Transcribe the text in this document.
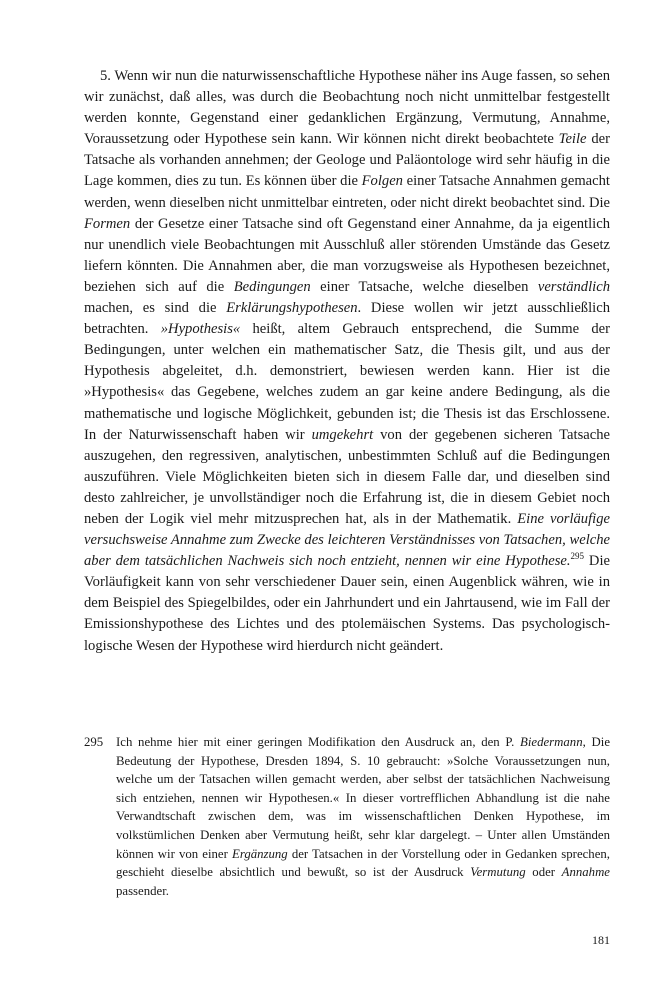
5. Wenn wir nun die naturwissenschaftliche Hypothese näher ins Auge fassen, so sehen wir zunächst, daß alles, was durch die Beobachtung noch nicht unmittelbar festgestellt werden konnte, Gegenstand einer gedanklichen Ergänzung, Vermutung, Annahme, Voraussetzung oder Hypothese sein kann. Wir können nicht direkt beobachtete Teile der Tatsache als vorhanden annehmen; der Geologe und Paläontologe wird sehr häufig in die Lage kommen, dies zu tun. Es können über die Folgen einer Tatsache Annahmen gemacht werden, wenn dieselben nicht unmittelbar eintreten, oder nicht direkt beobachtet sind. Die Formen der Gesetze einer Tatsache sind oft Gegenstand einer Annahme, da ja eigentlich nur unendlich viele Beobachtungen mit Ausschluß aller störenden Umstände das Gesetz liefern könnten. Die Annahmen aber, die man vorzugsweise als Hypothesen bezeichnet, beziehen sich auf die Bedingungen einer Tatsache, welche dieselben verständlich machen, es sind die Erklärungshypothesen. Diese wollen wir jetzt ausschließlich betrachten. »Hypothesis« heißt, altem Gebrauch entsprechend, die Summe der Bedingungen, unter welchen ein mathematischer Satz, die Thesis gilt, und aus der Hypothesis abgeleitet, d.h. demonstriert, bewiesen werden kann. Hier ist die »Hypothesis« das Gegebene, welches zudem an gar keine andere Bedingung, als die mathematische und logische Möglichkeit, gebunden ist; die Thesis ist das Erschlossene. In der Naturwissenschaft haben wir umgekehrt von der gegebenen sicheren Tatsache auszugehen, den regressiven, analytischen, unbestimmten Schluß auf die Bedingungen auszuführen. Viele Möglichkeiten bieten sich in diesem Falle dar, und dieselben sind desto zahlreicher, je unvollständiger noch die Erfahrung ist, die in diesem Gebiet noch neben der Logik viel mehr mitzusprechen hat, als in der Mathematik. Eine vorläufige versuchsweise Annahme zum Zwecke des leichteren Verständnisses von Tatsachen, welche aber dem tatsächlichen Nachweis sich noch entzieht, nennen wir eine Hypothese.$^{295}$ Die Vorläufigkeit kann von sehr verschiedener Dauer sein, einen Augenblick währen, wie in dem Beispiel des Spiegelbildes, oder ein Jahrhundert und ein Jahrtausend, wie im Fall der Emissionshypothese des Lichtes und des ptolemäischen Systems. Das psychologisch-logische Wesen der Hypothese wird hierdurch nicht geändert.

295 Ich nehme hier mit einer geringen Modifikation den Ausdruck an, den P. Biedermann, Die Bedeutung der Hypothese, Dresden 1894, S. 10 gebraucht: »Solche Voraussetzungen nun, welche um der Tatsachen willen gemacht werden, aber selbst der tatsächlichen Nachweisung sich entziehen, nennen wir Hypothesen.« In dieser vortrefflichen Abhandlung ist die nahe Verwandtschaft zwischen dem, was im wissenschaftlichen Denken Hypothese, im volkstümlichen Denken aber Vermutung heißt, sehr klar dargelegt. – Unter allen Umständen können wir von einer Ergänzung der Tatsachen in der Vorstellung oder in Gedanken sprechen, geschieht dieselbe absichtlich und bewußt, so ist der Ausdruck Vermutung oder Annahme passender.
181
